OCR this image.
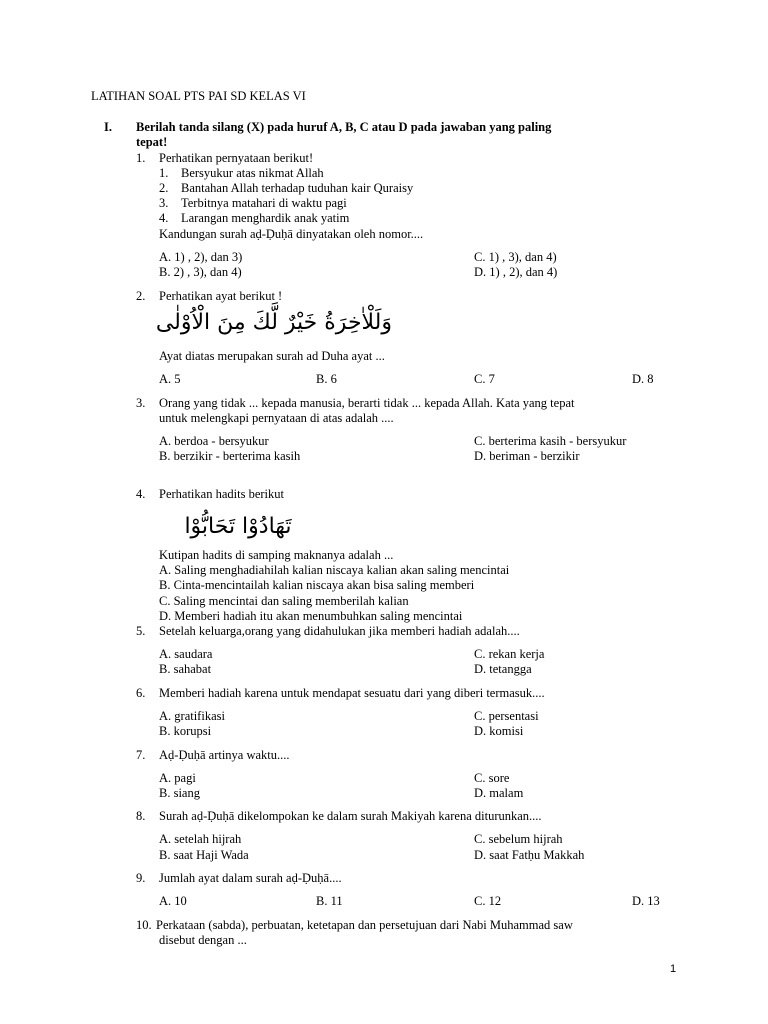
LATIHAN SOAL PTS PAI SD KELAS VI
I. Berilah tanda silang (X) pada huruf A, B, C atau D pada jawaban yang paling
tepat!
1. Perhatikan pernyataan berikut!
1. Bersyukur atas nikmat Allah
2. Bantahan Allah terhadap tuduhan kair Quraisy
3. Terbitnya matahari di waktu pagi
4. Larangan menghardik anak yatim
Kandungan surah aḍ-Ḍuḥā dinyatakan oleh nomor....
A. 1) , 2), dan 3)	C. 1) , 3), dan 4)
B. 2) , 3), dan 4)	D. 1) , 2), dan 4)
2. Perhatikan ayat berikut !
وَلَلْاٰخِرَةُ خَيْرٌ لَّكَ مِنَ الْاُوْلٰى
Ayat diatas merupakan surah ad Duha ayat ...
A. 5	B. 6	C. 7	D. 8
3. Orang yang tidak ... kepada manusia, berarti tidak ... kepada Allah. Kata yang tepat
untuk melengkapi pernyataan di atas adalah ....
A. berdoa - bersyukur	C. berterima kasih - bersyukur
B. berzikir - berterima kasih	D. beriman - berzikir
4. Perhatikan hadits berikut
تَهَادُوْا تَحَابُّوْا
Kutipan hadits di samping maknanya adalah ...
A. Saling menghadiahilah kalian niscaya kalian akan saling mencintai
B. Cinta-mencintailah kalian niscaya akan bisa saling memberi
C. Saling mencintai dan saling memberilah kalian
D. Memberi hadiah itu akan menumbuhkan saling mencintai
5. Setelah keluarga,orang yang didahulukan jika memberi hadiah adalah....
A. saudara	C. rekan kerja
B. sahabat	D. tetangga
6. Memberi hadiah karena untuk mendapat sesuatu dari yang diberi termasuk....
A. gratifikasi	C. persentasi
B. korupsi	D. komisi
7. Aḍ-Ḍuḥā artinya waktu....
A. pagi	C. sore
B. siang	D. malam
8. Surah aḍ-Ḍuḥā dikelompokan ke dalam surah Makiyah karena diturunkan....
A. setelah hijrah	C. sebelum hijrah
B. saat Haji Wada	D. saat Fatḥu Makkah
9. Jumlah ayat dalam surah aḍ-Ḍuḥā....
A. 10	B. 11	C. 12	D. 13
10. Perkataan (sabda), perbuatan, ketetapan dan persetujuan dari Nabi Muhammad saw
disebut dengan ...
1
